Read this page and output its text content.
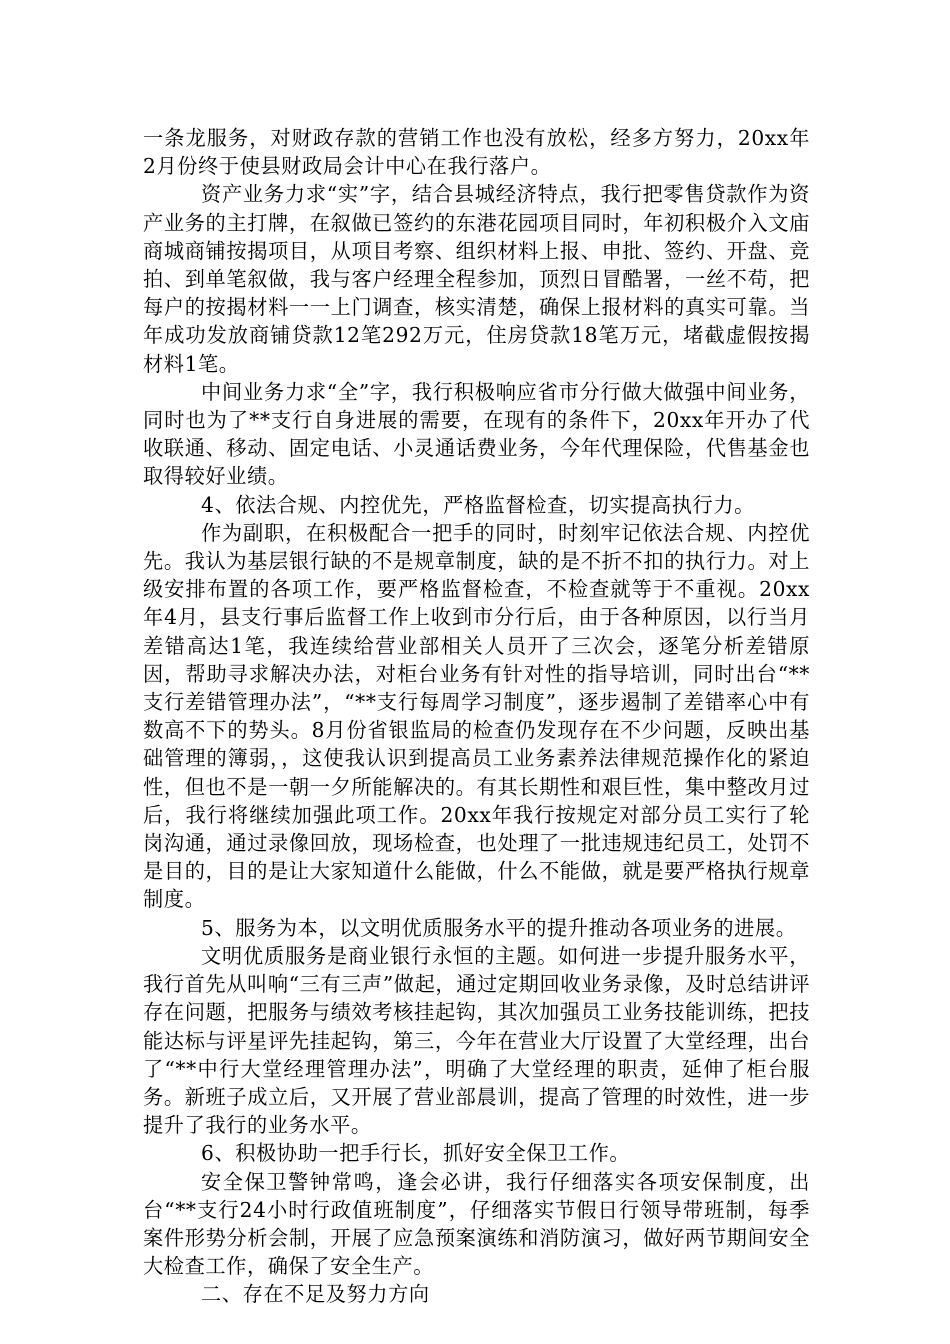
一条龙服务，对财政存款的营销工作也没有放松，经多方努力，20xx年2月份终于使县财政局会计中心在我行落户。

资产业务力求“实”字，结合县城经济特点，我行把零售贷款作为资产业务的主打牌，在叙做已签约的东港花园项目同时，年初积极介入文庙商城商铺按揭项目，从项目考察、组织材料上报、申批、签约、开盘、竞拍、到单笔叙做，我与客户经理全程参加，顶烈日冒酷署，一丝不苟，把每户的按揭材料一一上门调查，核实清楚，确保上报材料的真实可靠。当年成功发放商铺贷款12笔292万元，住房贷款18笔万元，堵截虚假按揭材料1笔。

中间业务力求“全”字，我行积极响应省市分行做大做强中间业务，同时也为了**支行自身进展的需要，在现有的条件下，20xx年开办了代收联通、移动、固定电话、小灵通话费业务，今年代理保险，代售基金也取得较好业绩。

4、依法合规、内控优先，严格监督检查，切实提高执行力。

作为副职，在积极配合一把手的同时，时刻牢记依法合规、内控优先。我认为基层银行缺的不是规章制度，缺的是不折不扣的执行力。对上级安排布置的各项工作，要严格监督检查，不检查就等于不重视。20xx年4月，县支行事后监督工作上收到市分行后，由于各种原因，以行当月差错高达1笔，我连续给营业部相关人员开了三次会，逐笔分析差错原因，帮助寻求解决办法，对柜台业务有针对性的指导培训，同时出台“**支行差错管理办法”，“**支行每周学习制度”，逐步遏制了差错率心中有数高不下的势头。8月份省银监局的检查仍发现存在不少问题，反映出基础管理的簿弱，，这使我认识到提高员工业务素养法律规范操作化的紧迫性，但也不是一朝一夕所能解决的。有其长期性和艰巨性，集中整改月过后，我行将继续加强此项工作。20xx年我行按规定对部分员工实行了轮岗沟通，通过录像回放，现场检查，也处理了一批违规违纪员工，处罚不是目的，目的是让大家知道什么能做，什么不能做，就是要严格执行规章制度。

5、服务为本，以文明优质服务水平的提升推动各项业务的进展。

文明优质服务是商业银行永恒的主题。如何进一步提升服务水平，我行首先从叫响“三有三声”做起，通过定期回收业务录像，及时总结讲评存在问题，把服务与绩效考核挂起钩，其次加强员工业务技能训练，把技能达标与评星评先挂起钩，第三，今年在营业大厅设置了大堂经理，出台了“**中行大堂经理管理办法”，明确了大堂经理的职责，延伸了柜台服务。新班子成立后，又开展了营业部晨训，提高了管理的时效性，进一步提升了我行的业务水平。

6、积极协助一把手行长，抓好安全保卫工作。

安全保卫警钟常鸣，逢会必讲，我行仔细落实各项安保制度，出台“**支行24小时行政值班制度”，仔细落实节假日行领导带班制，每季案件形势分析会制，开展了应急预案演练和消防演习，做好两节期间安全大检查工作，确保了安全生产。

二、存在不足及努力方向
